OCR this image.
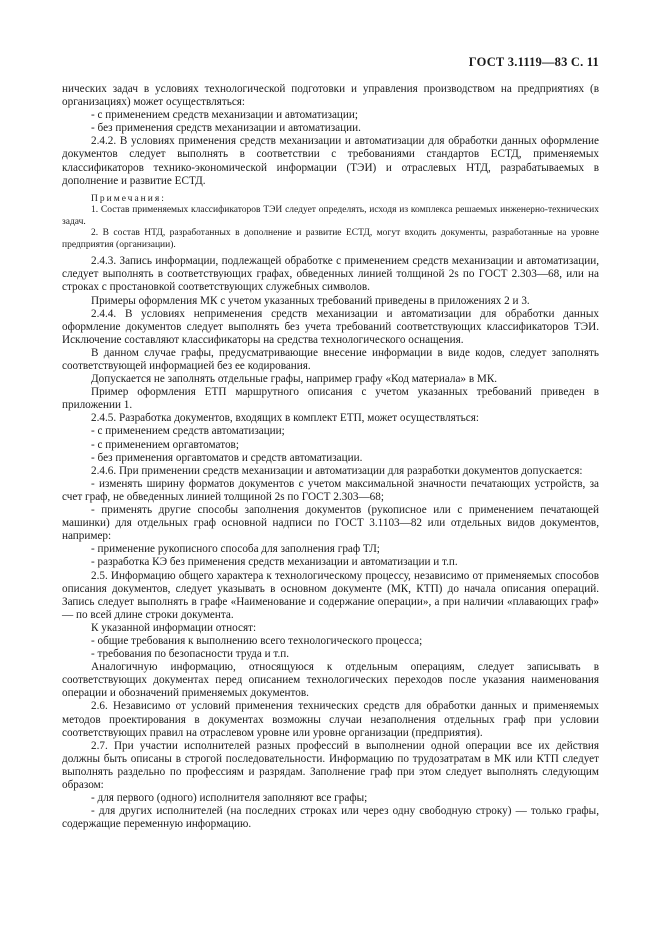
ГОСТ 3.1119—83 С. 11

нических задач в условиях технологической подготовки и управления производством на предприятиях (в организациях) может осуществляться:

- с применением средств механизации и автоматизации;

- без применения средств механизации и автоматизации.

2.4.2. В условиях применения средств механизации и автоматизации для обработки данных оформление документов следует выполнять в соответствии с требованиями стандартов ЕСТД, применяемых классификаторов технико-экономической информации (ТЭИ) и отраслевых НТД, разрабатываемых в дополнение и развитие ЕСТД.

Примечания:

1. Состав применяемых классификаторов ТЭИ следует определять, исходя из комплекса решаемых инженерно-технических задач.

2. В состав НТД, разработанных в дополнение и развитие ЕСТД, могут входить документы, разработанные на уровне предприятия (организации).

2.4.3. Запись информации, подлежащей обработке с применением средств механизации и автоматизации, следует выполнять в соответствующих графах, обведенных линией толщиной 2s по ГОСТ 2.303—68, или на строках с простановкой соответствующих служебных символов.

Примеры оформления МК с учетом указанных требований приведены в приложениях 2 и 3.

2.4.4. В условиях неприменения средств механизации и автоматизации для обработки данных оформление документов следует выполнять без учета требований соответствующих классификаторов ТЭИ. Исключение составляют классификаторы на средства технологического оснащения.

В данном случае графы, предусматривающие внесение информации в виде кодов, следует заполнять соответствующей информацией без ее кодирования.

Допускается не заполнять отдельные графы, например графу «Код материала» в МК.

Пример оформления ЕТП маршрутного описания с учетом указанных требований приведен в приложении 1.

2.4.5. Разработка документов, входящих в комплект ЕТП, может осуществляться:

- с применением средств автоматизации;

- с применением оргавтоматов;

- без применения оргавтоматов и средств автоматизации.

2.4.6. При применении средств механизации и автоматизации для разработки документов допускается:

- изменять ширину форматов документов с учетом максимальной значности печатающих устройств, за счет граф, не обведенных линией толщиной 2s по ГОСТ 2.303—68;

- применять другие способы заполнения документов (рукописное или с применением печатающей машинки) для отдельных граф основной надписи по ГОСТ 3.1103—82 или отдельных видов документов, например:

- применение рукописного способа для заполнения граф ТЛ;

- разработка КЭ без применения средств механизации и автоматизации и т.п.

2.5. Информацию общего характера к технологическому процессу, независимо от применяемых способов описания документов, следует указывать в основном документе (МК, КТП) до начала описания операций. Запись следует выполнять в графе «Наименование и содержание операции», а при наличии «плавающих граф» — по всей длине строки документа.

К указанной информации относят:

- общие требования к выполнению всего технологического процесса;

- требования по безопасности труда и т.п.

Аналогичную информацию, относящуюся к отдельным операциям, следует записывать в соответствующих документах перед описанием технологических переходов после указания наименования операции и обозначений применяемых документов.

2.6. Независимо от условий применения технических средств для обработки данных и применяемых методов проектирования в документах возможны случаи незаполнения отдельных граф при условии соответствующих правил на отраслевом уровне или уровне организации (предприятия).

2.7. При участии исполнителей разных профессий в выполнении одной операции все их действия должны быть описаны в строгой последовательности. Информацию по трудозатратам в МК или КТП следует выполнять раздельно по профессиям и разрядам. Заполнение граф при этом следует выполнять следующим образом:

- для первого (одного) исполнителя заполняют все графы;

- для других исполнителей (на последних строках или через одну свободную строку) — только графы, содержащие переменную информацию.
